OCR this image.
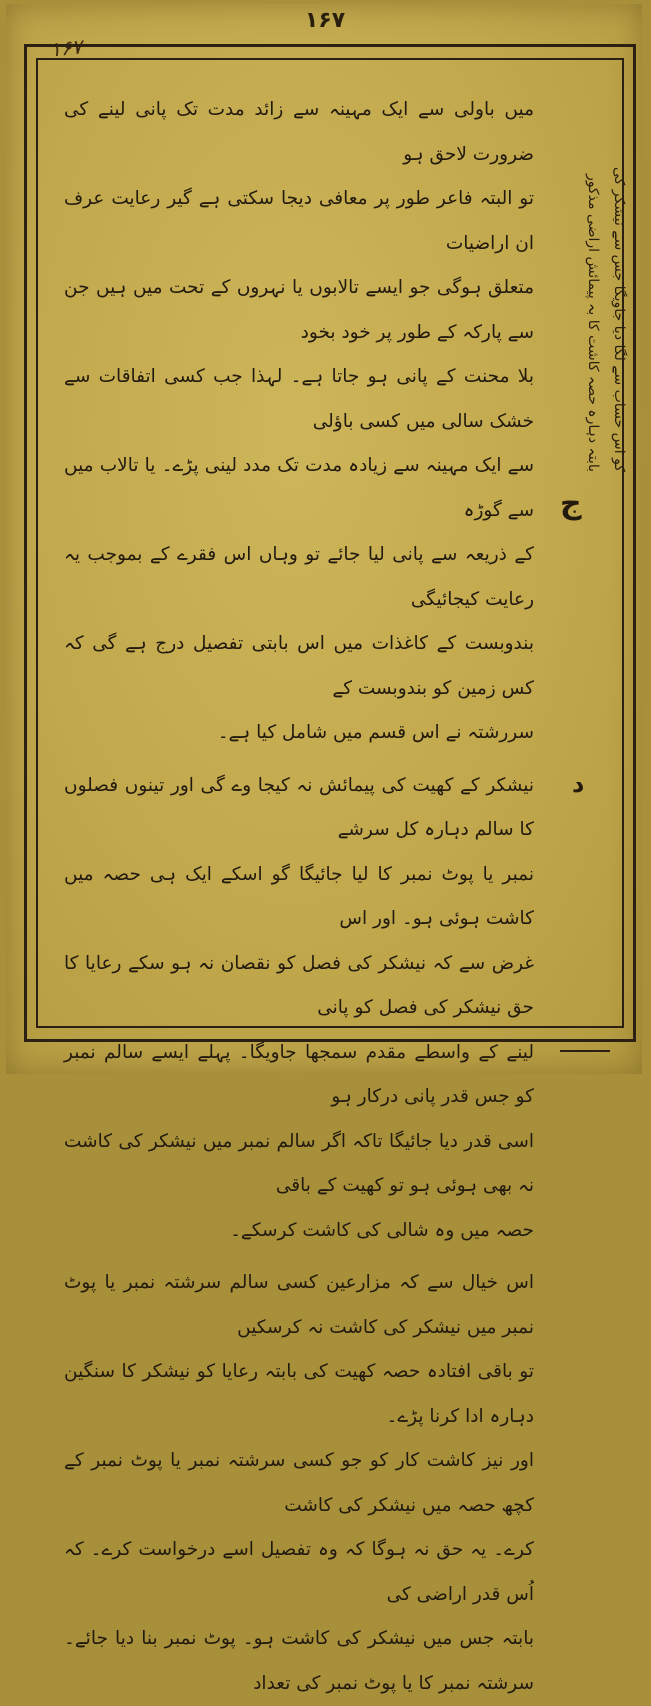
۱۶۷
۱۶۷

میں باولی سے ایک مہینہ سے زائد مدت تک پانی لینے کی ضرورت لاحق ہو

تو البتہ فاعر طور پر معافی دیجا سکتی ہے گیر رعایت عرف ان اراضیات

متعلق ہوگی جو ایسے تالابوں یا نہروں کے تحت میں ہیں جن سے پارکہ کے طور پر خود بخود

بلا محنت کے پانی ہو جاتا ہے۔ لہذا جب کسی اتفاقات سے خشک سالی میں کسی باؤلی

سے ایک مہینہ سے زیادہ مدت تک مدد لینی پڑے۔ یا تالاب میں سے گوڑہ

کے ذریعہ سے پانی لیا جائے تو وہاں اس فقرے کے بموجب یہ رعایت کیجائیگی

بندوبست کے کاغذات میں اس بابتی تفصیل درج ہے گی کہ کس زمین کو بندوبست کے

سررشتہ نے اس قسم میں شامل کیا ہے۔

نیشکر کے کھیت کی پیمائش نہ کیجا وے گی اور تینوں فصلوں کا سالم دہارہ کل سرشے

نمبر یا پوٹ نمبر کا لیا جائیگا گو اسکے ایک ہی حصہ میں کاشت ہوئی ہو۔ اور اس

غرض سے کہ نیشکر کی فصل کو نقصان نہ ہو سکے رعایا کا حق نیشکر کی فصل کو پانی

لینے کے واسطے مقدم سمجھا جاویگا۔ پہلے ایسے سالم نمبر کو جس قدر پانی درکار ہو

اسی قدر دیا جائیگا تاکہ اگر سالم نمبر میں نیشکر کی کاشت نہ بھی ہوئی ہو تو کھیت کے باقی

حصہ میں وہ شالی کی کاشت کرسکے۔

اس خیال سے کہ مزارعین کسی سالم سرشتہ نمبر یا پوٹ نمبر میں نیشکر کی کاشت نہ کرسکیں

تو باقی افتادہ حصہ کھیت کی بابتہ رعایا کو نیشکر کا سنگین دہارہ ادا کرنا پڑے۔

اور نیز کاشت کار کو جو کسی سرشتہ نمبر یا پوٹ نمبر کے کچھ حصہ میں نیشکر کی کاشت

کرے۔ یہ حق نہ ہوگا کہ وہ تفصیل اسے درخواست کرے۔ کہ اُس قدر اراضی کی

بابتہ جس میں نیشکر کی کاشت ہو۔ پوٹ نمبر بنا دیا جائے۔ سرشتہ نمبر کا یا پوٹ نمبر کی تعداد

ج
د
کو اس حساب سے لگا دیا جاویگا جس سے نیشکر کی
بابتہ دہارہ حصہ کاشت کا بہ پیمائش اراضی مذکور
